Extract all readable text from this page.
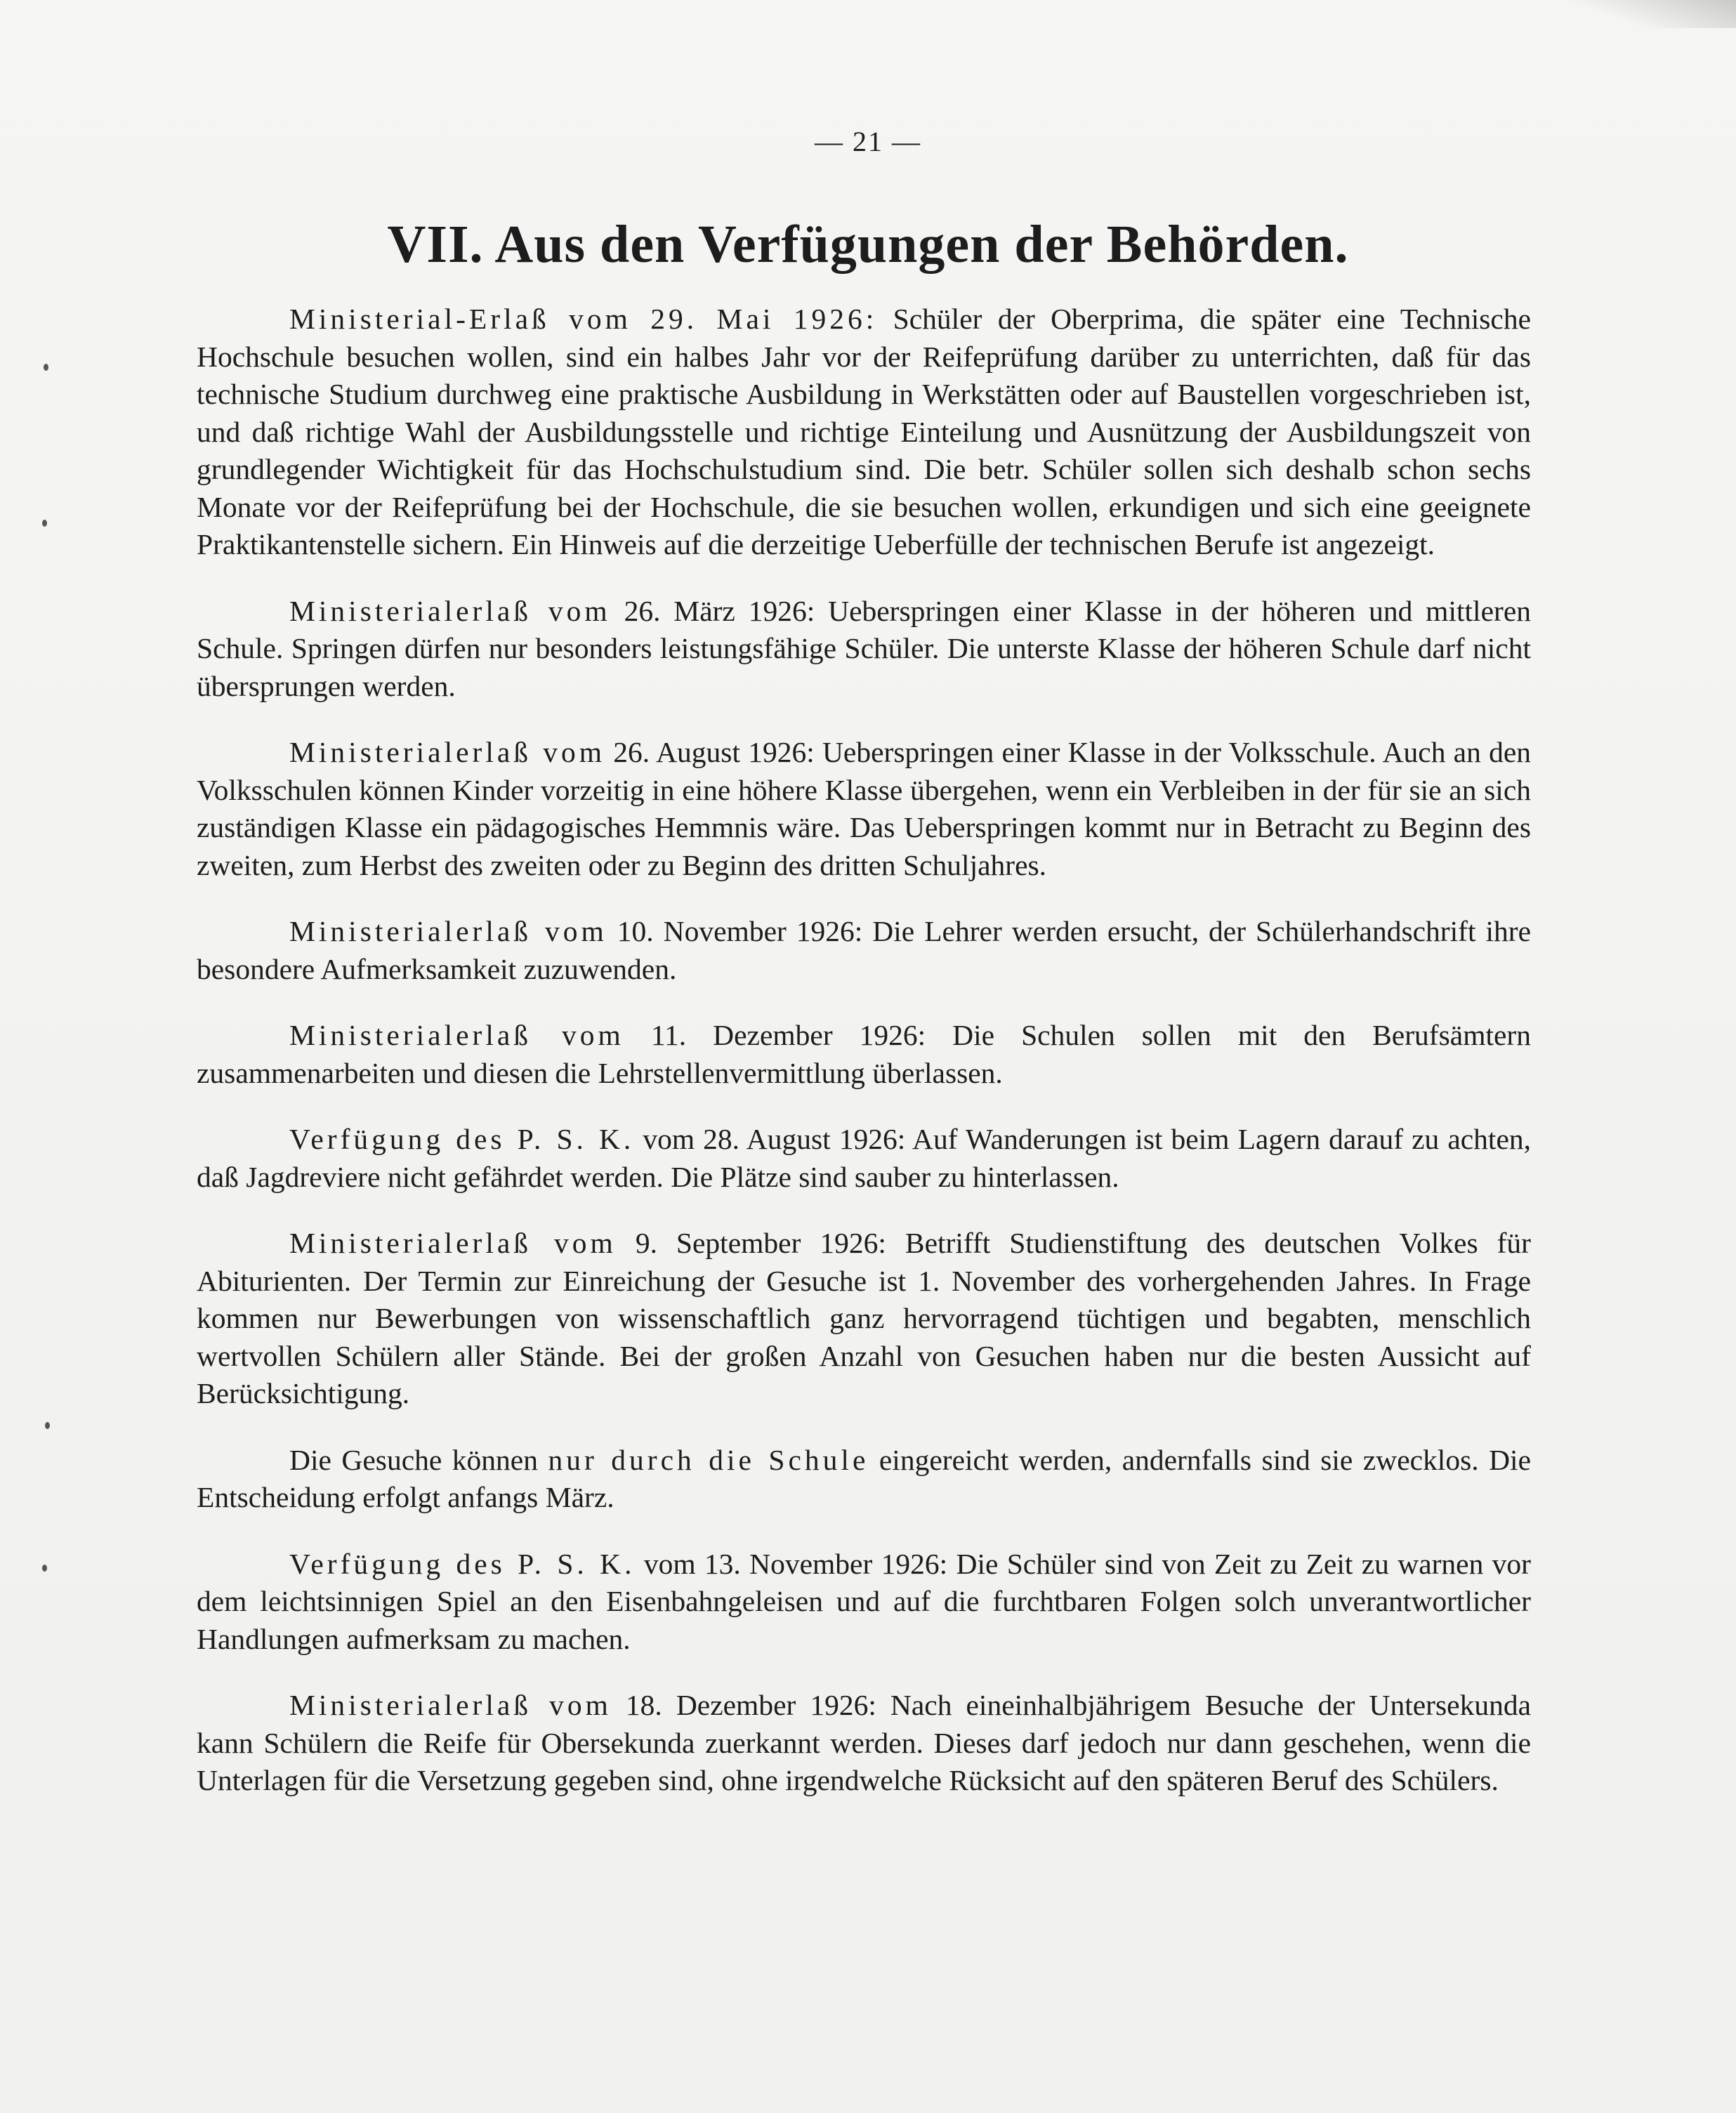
— 21 —
VII. Aus den Verfügungen der Behörden.

Ministerial-Erlaß vom 29. Mai 1926: Schüler der Oberprima, die später eine Technische Hochschule besuchen wollen, sind ein halbes Jahr vor der Reifeprüfung darüber zu unterrichten, daß für das technische Studium durchweg eine praktische Ausbildung in Werkstätten oder auf Baustellen vorgeschrieben ist, und daß richtige Wahl der Ausbildungsstelle und richtige Einteilung und Ausnützung der Ausbildungszeit von grundlegender Wichtigkeit für das Hochschulstudium sind. Die betr. Schüler sollen sich deshalb schon sechs Monate vor der Reifeprüfung bei der Hochschule, die sie besuchen wollen, erkundigen und sich eine geeignete Praktikantenstelle sichern. Ein Hinweis auf die derzeitige Ueberfülle der technischen Berufe ist angezeigt.

Ministerialerlaß vom 26. März 1926: Ueberspringen einer Klasse in der höheren und mittleren Schule. Springen dürfen nur besonders leistungsfähige Schüler. Die unterste Klasse der höheren Schule darf nicht übersprungen werden.

Ministerialerlaß vom 26. August 1926: Ueberspringen einer Klasse in der Volksschule. Auch an den Volksschulen können Kinder vorzeitig in eine höhere Klasse übergehen, wenn ein Verbleiben in der für sie an sich zuständigen Klasse ein pädagogisches Hemmnis wäre. Das Ueberspringen kommt nur in Betracht zu Beginn des zweiten, zum Herbst des zweiten oder zu Beginn des dritten Schuljahres.

Ministerialerlaß vom 10. November 1926: Die Lehrer werden ersucht, der Schülerhandschrift ihre besondere Aufmerksamkeit zuzuwenden.

Ministerialerlaß vom 11. Dezember 1926: Die Schulen sollen mit den Berufsämtern zusammenarbeiten und diesen die Lehrstellenvermittlung überlassen.

Verfügung des P. S. K. vom 28. August 1926: Auf Wanderungen ist beim Lagern darauf zu achten, daß Jagdreviere nicht gefährdet werden. Die Plätze sind sauber zu hinterlassen.

Ministerialerlaß vom 9. September 1926: Betrifft Studienstiftung des deutschen Volkes für Abiturienten. Der Termin zur Einreichung der Gesuche ist 1. November des vorhergehenden Jahres. In Frage kommen nur Bewerbungen von wissenschaftlich ganz hervorragend tüchtigen und begabten, menschlich wertvollen Schülern aller Stände. Bei der großen Anzahl von Gesuchen haben nur die besten Aussicht auf Berücksichtigung.

Die Gesuche können nur durch die Schule eingereicht werden, andernfalls sind sie zwecklos. Die Entscheidung erfolgt anfangs März.

Verfügung des P. S. K. vom 13. November 1926: Die Schüler sind von Zeit zu Zeit zu warnen vor dem leichtsinnigen Spiel an den Eisenbahngeleisen und auf die furchtbaren Folgen solch unverantwortlicher Handlungen aufmerksam zu machen.

Ministerialerlaß vom 18. Dezember 1926: Nach eineinhalbjährigem Besuche der Untersekunda kann Schülern die Reife für Obersekunda zuerkannt werden. Dieses darf jedoch nur dann geschehen, wenn die Unterlagen für die Versetzung gegeben sind, ohne irgendwelche Rücksicht auf den späteren Beruf des Schülers.
